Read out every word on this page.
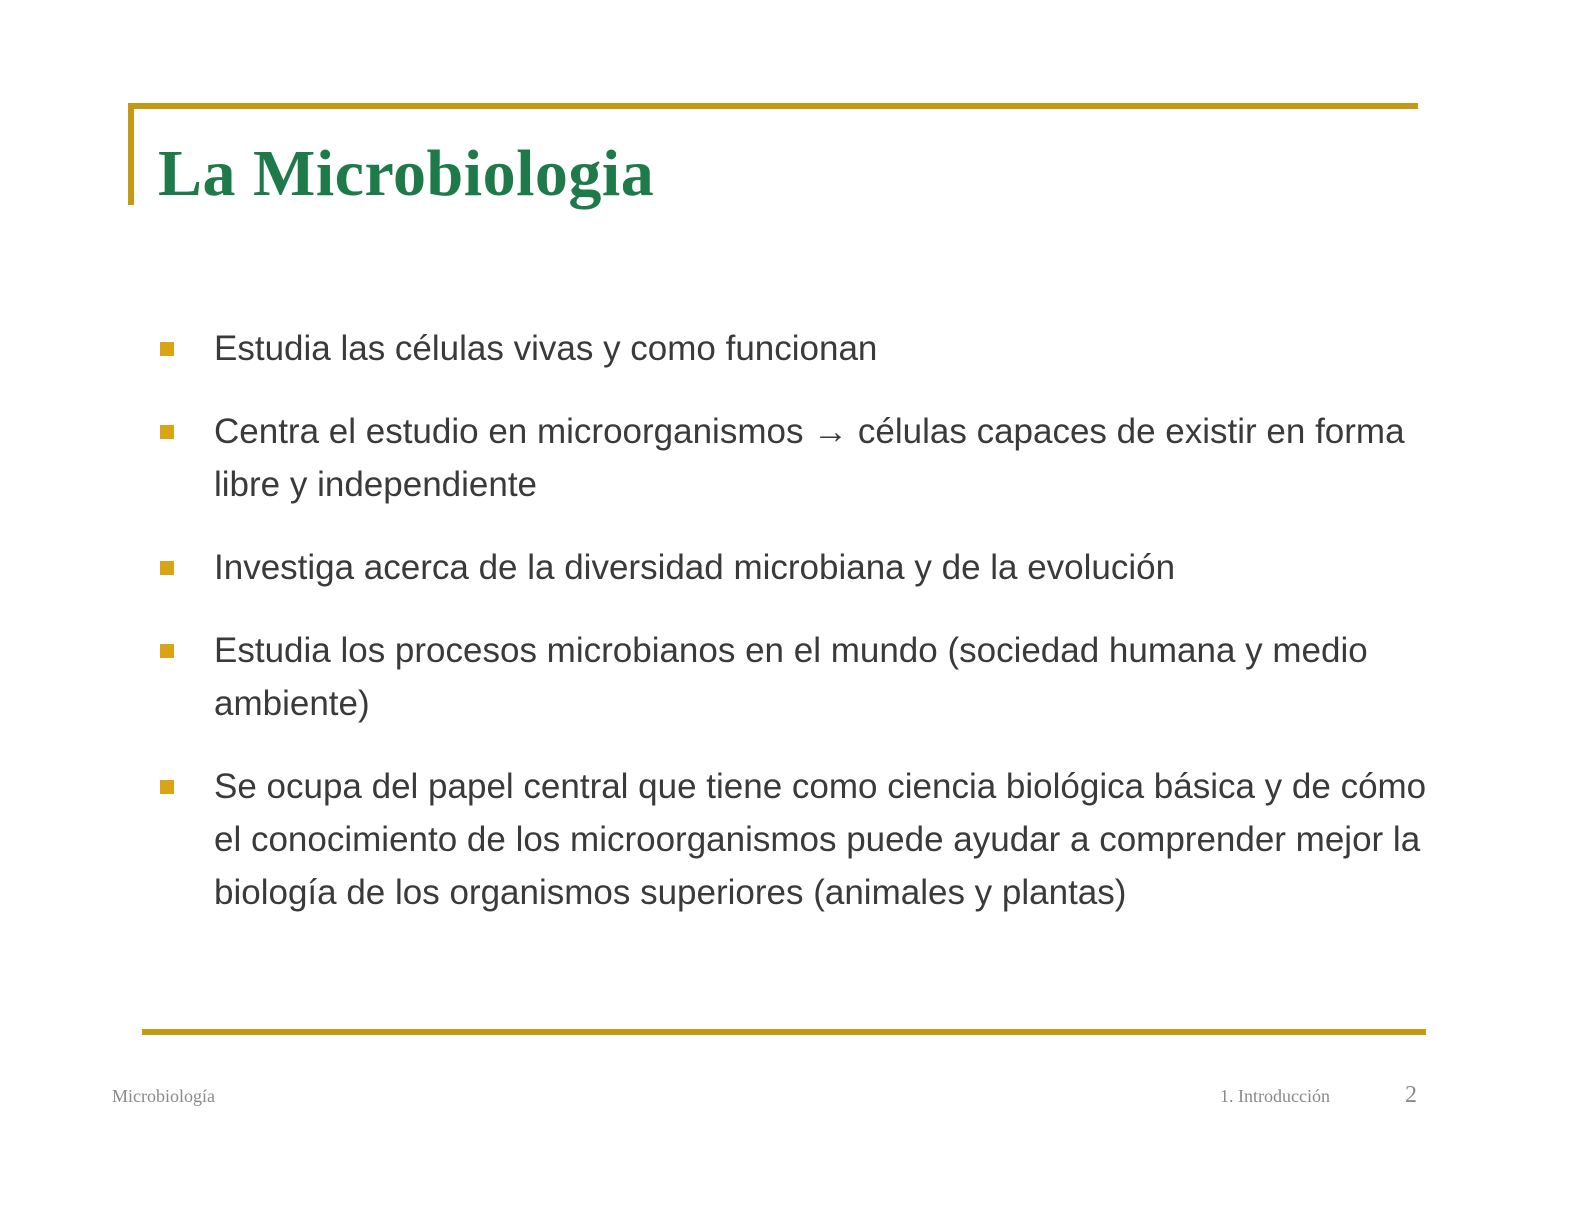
La Microbiologia
Estudia las células vivas y como funcionan
Centra el estudio en microorganismos → células capaces de existir en forma libre y independiente
Investiga acerca de la diversidad microbiana y de la evolución
Estudia los procesos microbianos en el mundo (sociedad humana y medio ambiente)
Se ocupa del papel central que tiene como ciencia biológica básica y de cómo el conocimiento de los microorganismos puede ayudar a comprender mejor la biología de los organismos superiores (animales y plantas)
Microbiología	1. Introducción	2
